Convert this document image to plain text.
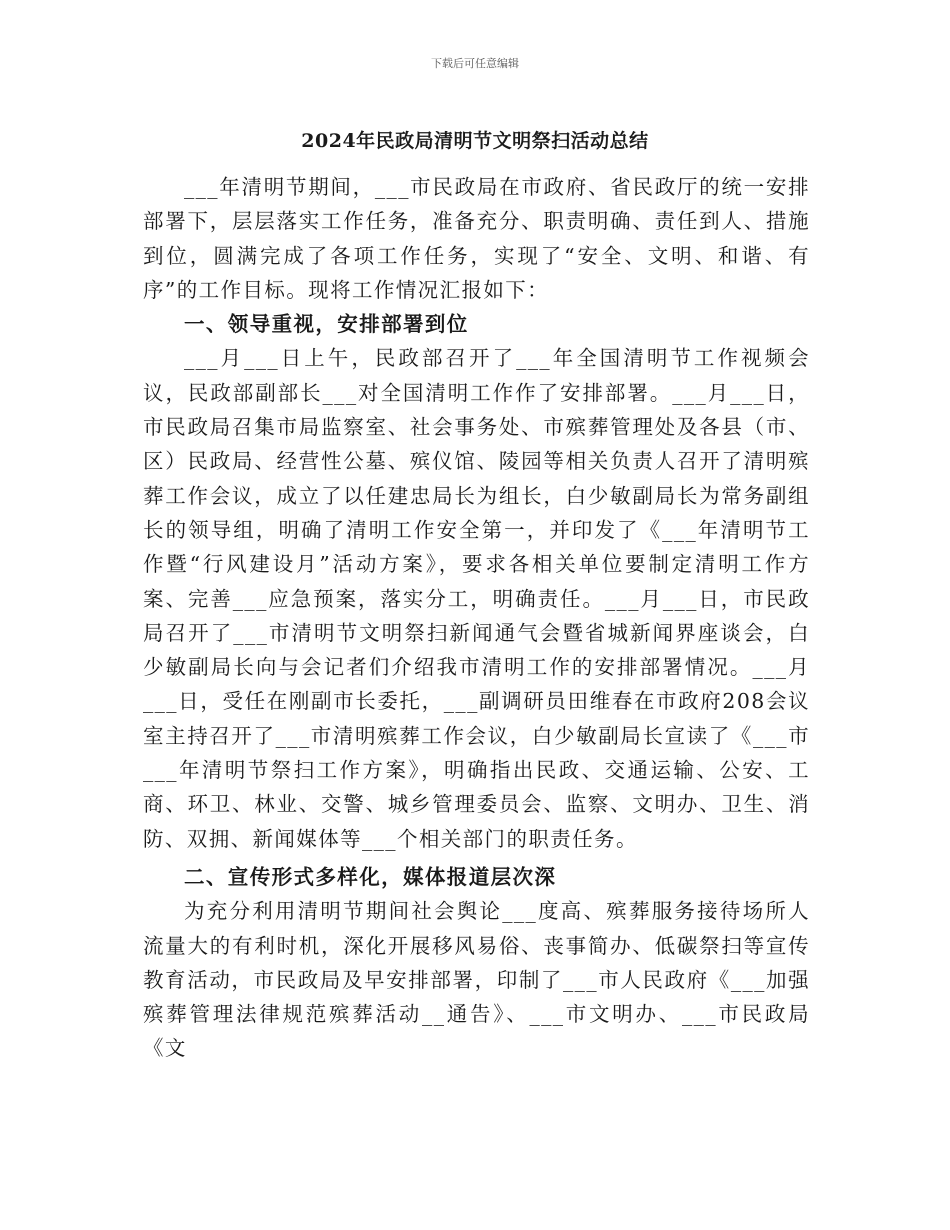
下载后可任意编辑
2024年民政局清明节文明祭扫活动总结

___年清明节期间，___市民政局在市政府、省民政厅的统一安排部署下，层层落实工作任务，准备充分、职责明确、责任到人、措施到位，圆满完成了各项工作任务，实现了“安全、文明、和谐、有序”的工作目标。现将工作情况汇报如下：

一、领导重视，安排部署到位

___月___日上午，民政部召开了___年全国清明节工作视频会议，民政部副部长___对全国清明工作作了安排部署。___月___日，市民政局召集市局监察室、社会事务处、市殡葬管理处及各县（市、区）民政局、经营性公墓、殡仪馆、陵园等相关负责人召开了清明殡葬工作会议，成立了以任建忠局长为组长，白少敏副局长为常务副组长的领导组，明确了清明工作安全第一，并印发了《___年清明节工作暨“行风建设月”活动方案》，要求各相关单位要制定清明工作方案、完善___应急预案，落实分工，明确责任。___月___日，市民政局召开了___市清明节文明祭扫新闻通气会暨省城新闻界座谈会，白少敏副局长向与会记者们介绍我市清明工作的安排部署情况。___月___日，受任在刚副市长委托，___副调研员田维春在市政府208会议室主持召开了___市清明殡葬工作会议，白少敏副局长宣读了《___市___年清明节祭扫工作方案》，明确指出民政、交通运输、公安、工商、环卫、林业、交警、城乡管理委员会、监察、文明办、卫生、消防、双拥、新闻媒体等___个相关部门的职责任务。

二、宣传形式多样化，媒体报道层次深

为充分利用清明节期间社会舆论___度高、殡葬服务接待场所人流量大的有利时机，深化开展移风易俗、丧事简办、低碳祭扫等宣传教育活动，市民政局及早安排部署，印制了___市人民政府《___加强殡葬管理法律规范殡葬活动__通告》、___市文明办、___市民政局《文
